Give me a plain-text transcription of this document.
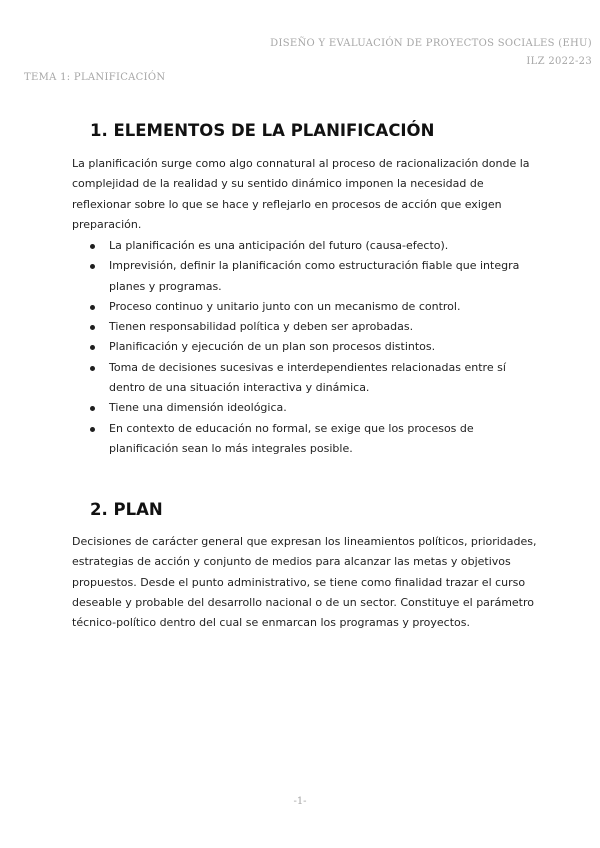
DISEÑO Y EVALUACIÓN DE PROYECTOS SOCIALES (EHU)
ILZ 2022-23
TEMA 1: PLANIFICACIÓN
1. ELEMENTOS DE LA PLANIFICACIÓN

La planificación surge como algo connatural al proceso de racionalización donde la complejidad de la realidad y su sentido dinámico imponen la necesidad de reflexionar sobre lo que se hace y reflejarlo en procesos de acción que exigen preparación.

La planificación es una anticipación del futuro (causa-efecto).
Imprevisión, definir la planificación como estructuración fiable que integra planes y programas.
Proceso continuo y unitario junto con un mecanismo de control.
Tienen responsabilidad política y deben ser aprobadas.
Planificación y ejecución de un plan son procesos distintos.
Toma de decisiones sucesivas e interdependientes relacionadas entre sí dentro de una situación interactiva y dinámica.
Tiene una dimensión ideológica.
En contexto de educación no formal, se exige que los procesos de planificación sean lo más integrales posible.
2. PLAN

Decisiones de carácter general que expresan los lineamientos políticos, prioridades, estrategias de acción y conjunto de medios para alcanzar las metas y objetivos propuestos. Desde el punto administrativo, se tiene como finalidad trazar el curso deseable y probable del desarrollo nacional o de un sector. Constituye el parámetro técnico-político dentro del cual se enmarcan los programas y proyectos.

-1-
